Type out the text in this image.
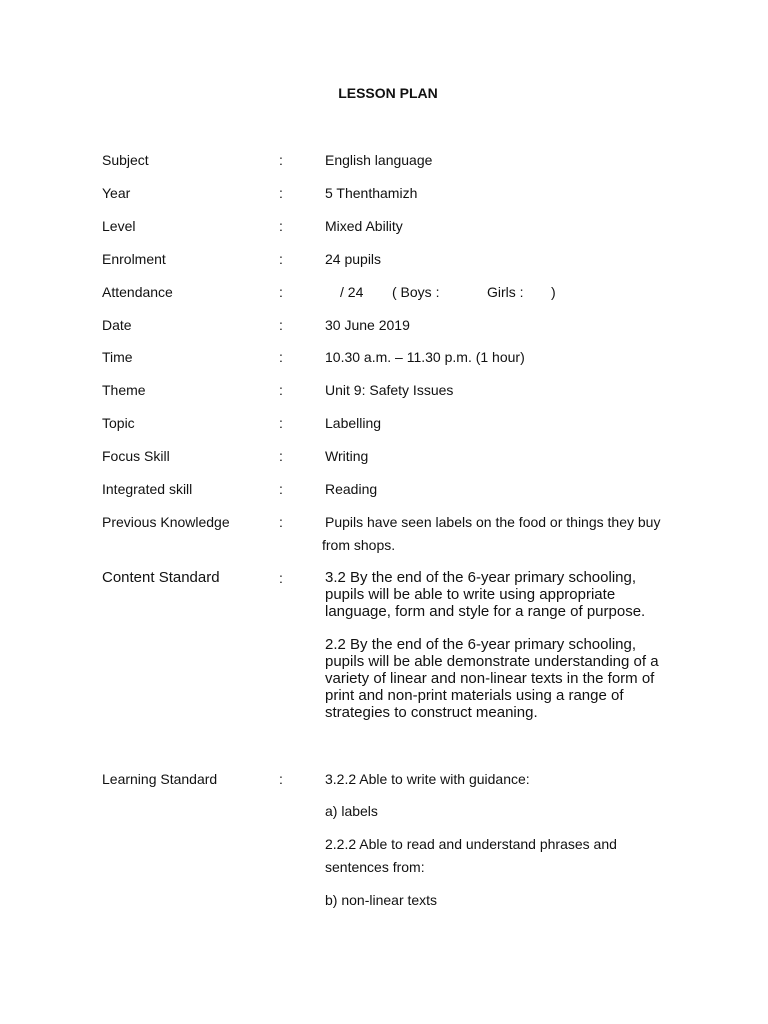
LESSON PLAN
Subject	:	English language
Year	:	5 Thenthamizh
Level	:	Mixed Ability
Enrolment	:	24 pupils
Attendance	:	/ 24 ( Boys :	Girls : )
Date	:	30 June 2019
Time	:	10.30 a.m. – 11.30 p.m. (1 hour)
Theme	:	Unit 9: Safety Issues
Topic	:	Labelling
Focus Skill	:	Writing
Integrated skill	:	Reading
Previous Knowledge	:	Pupils have seen labels on the food or things they buy
from shops.
Content Standard	:	3.2 By the end of the 6-year primary schooling,
pupils will be able to write using appropriate
language, form and style for a range of purpose.
2.2 By the end of the 6-year primary schooling,
pupils will be able demonstrate understanding of a
variety of linear and non-linear texts in the form of
print and non-print materials using a range of
strategies to construct meaning.
Learning Standard	:	3.2.2 Able to write with guidance:
a) labels
2.2.2 Able to read and understand phrases and
sentences from:
b) non-linear texts
